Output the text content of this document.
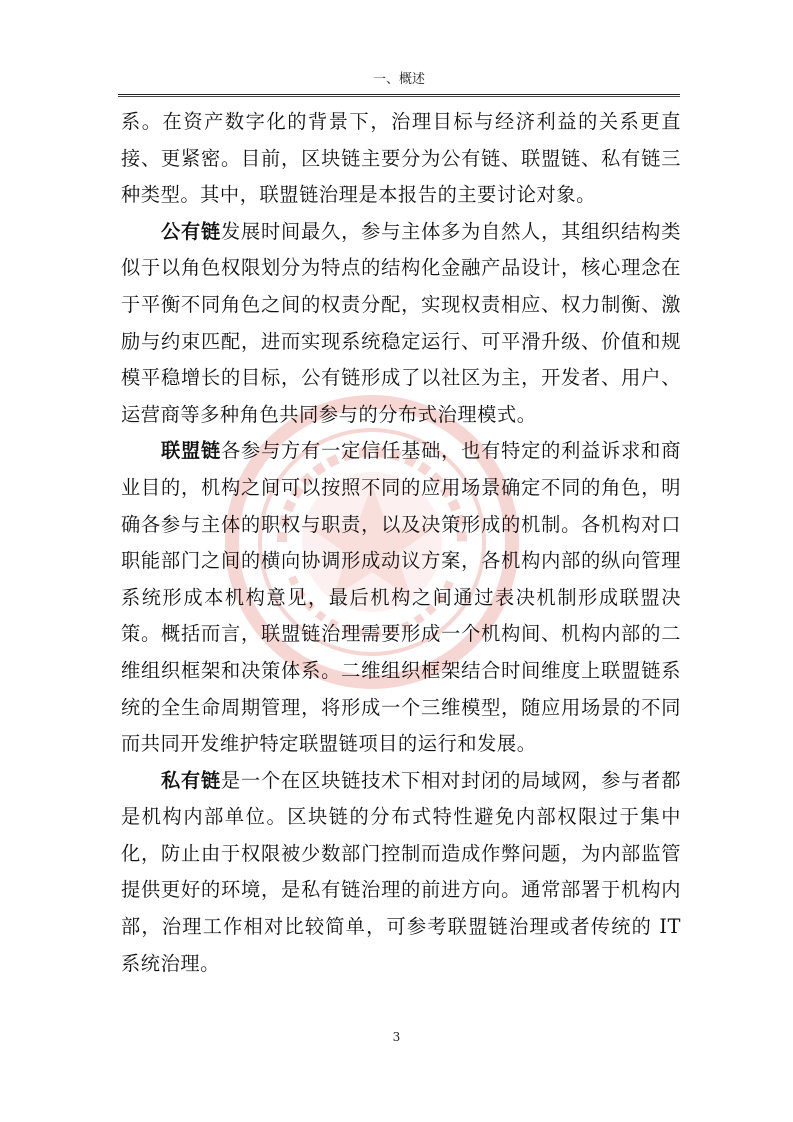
一、概述

系。在资产数字化的背景下，治理目标与经济利益的关系更直接、更紧密。目前，区块链主要分为公有链、联盟链、私有链三种类型。其中，联盟链治理是本报告的主要讨论对象。

公有链发展时间最久，参与主体多为自然人，其组织结构类似于以角色权限划分为特点的结构化金融产品设计，核心理念在于平衡不同角色之间的权责分配，实现权责相应、权力制衡、激励与约束匹配，进而实现系统稳定运行、可平滑升级、价值和规模平稳增长的目标，公有链形成了以社区为主，开发者、用户、运营商等多种角色共同参与的分布式治理模式。

联盟链各参与方有一定信任基础，也有特定的利益诉求和商业目的，机构之间可以按照不同的应用场景确定不同的角色，明确各参与主体的职权与职责，以及决策形成的机制。各机构对口职能部门之间的横向协调形成动议方案，各机构内部的纵向管理系统形成本机构意见，最后机构之间通过表决机制形成联盟决策。概括而言，联盟链治理需要形成一个机构间、机构内部的二维组织框架和决策体系。二维组织框架结合时间维度上联盟链系统的全生命周期管理，将形成一个三维模型，随应用场景的不同而共同开发维护特定联盟链项目的运行和发展。

私有链是一个在区块链技术下相对封闭的局域网，参与者都是机构内部单位。区块链的分布式特性避免内部权限过于集中化，防止由于权限被少数部门控制而造成作弊问题，为内部监管提供更好的环境，是私有链治理的前进方向。通常部署于机构内部，治理工作相对比较简单，可参考联盟链治理或者传统的 IT 系统治理。

3
